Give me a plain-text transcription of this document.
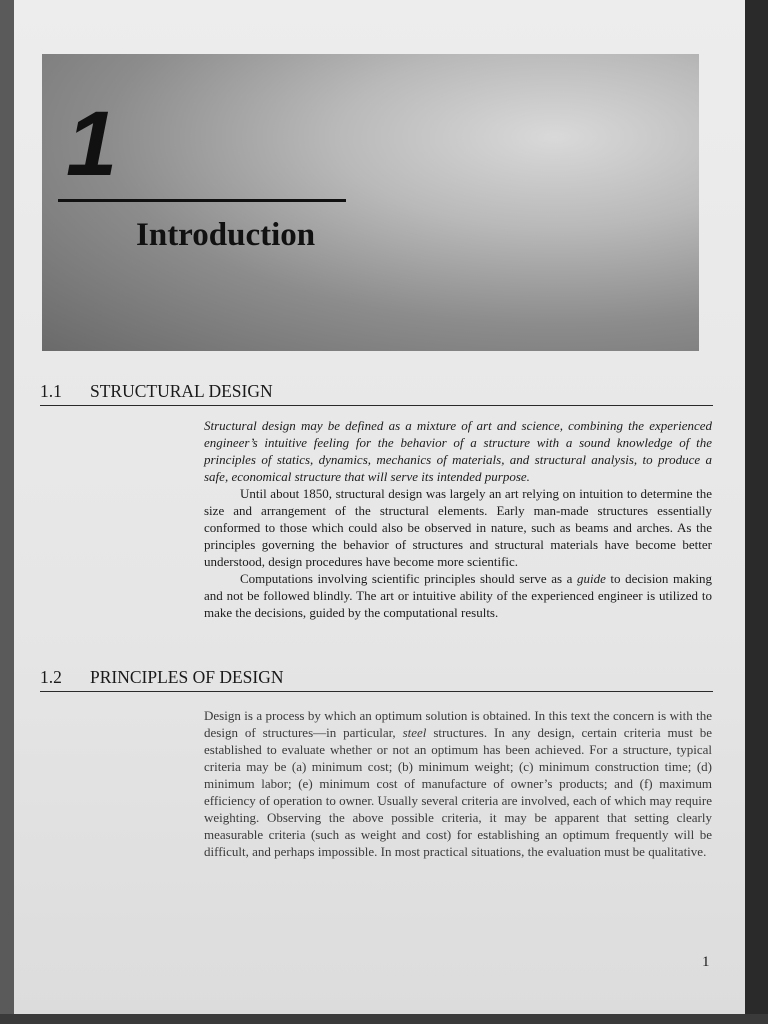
1
Introduction
1.1 STRUCTURAL DESIGN

Structural design may be defined as a mixture of art and science, combining the experienced engineer’s intuitive feeling for the behavior of a structure with a sound knowledge of the principles of statics, dynamics, mechanics of materials, and structural analysis, to produce a safe, economical structure that will serve its intended purpose.

Until about 1850, structural design was largely an art relying on intuition to determine the size and arrangement of the structural elements. Early man-made structures essentially conformed to those which could also be observed in nature, such as beams and arches. As the principles governing the behavior of structures and structural materials have become better understood, design procedures have become more scientific.

Computations involving scientific principles should serve as a guide to decision making and not be followed blindly. The art or intuitive ability of the experienced engineer is utilized to make the decisions, guided by the computational results.

1.2 PRINCIPLES OF DESIGN

Design is a process by which an optimum solution is obtained. In this text the concern is with the design of structures—in particular, steel structures. In any design, certain criteria must be established to evaluate whether or not an optimum has been achieved. For a structure, typical criteria may be (a) minimum cost; (b) minimum weight; (c) minimum construction time; (d) minimum labor; (e) minimum cost of manufacture of owner’s products; and (f) maximum efficiency of operation to owner. Usually several criteria are involved, each of which may require weighting. Observing the above possible criteria, it may be apparent that setting clearly measurable criteria (such as weight and cost) for establishing an optimum frequently will be difficult, and perhaps impossible. In most practical situations, the evaluation must be qualitative.

1
